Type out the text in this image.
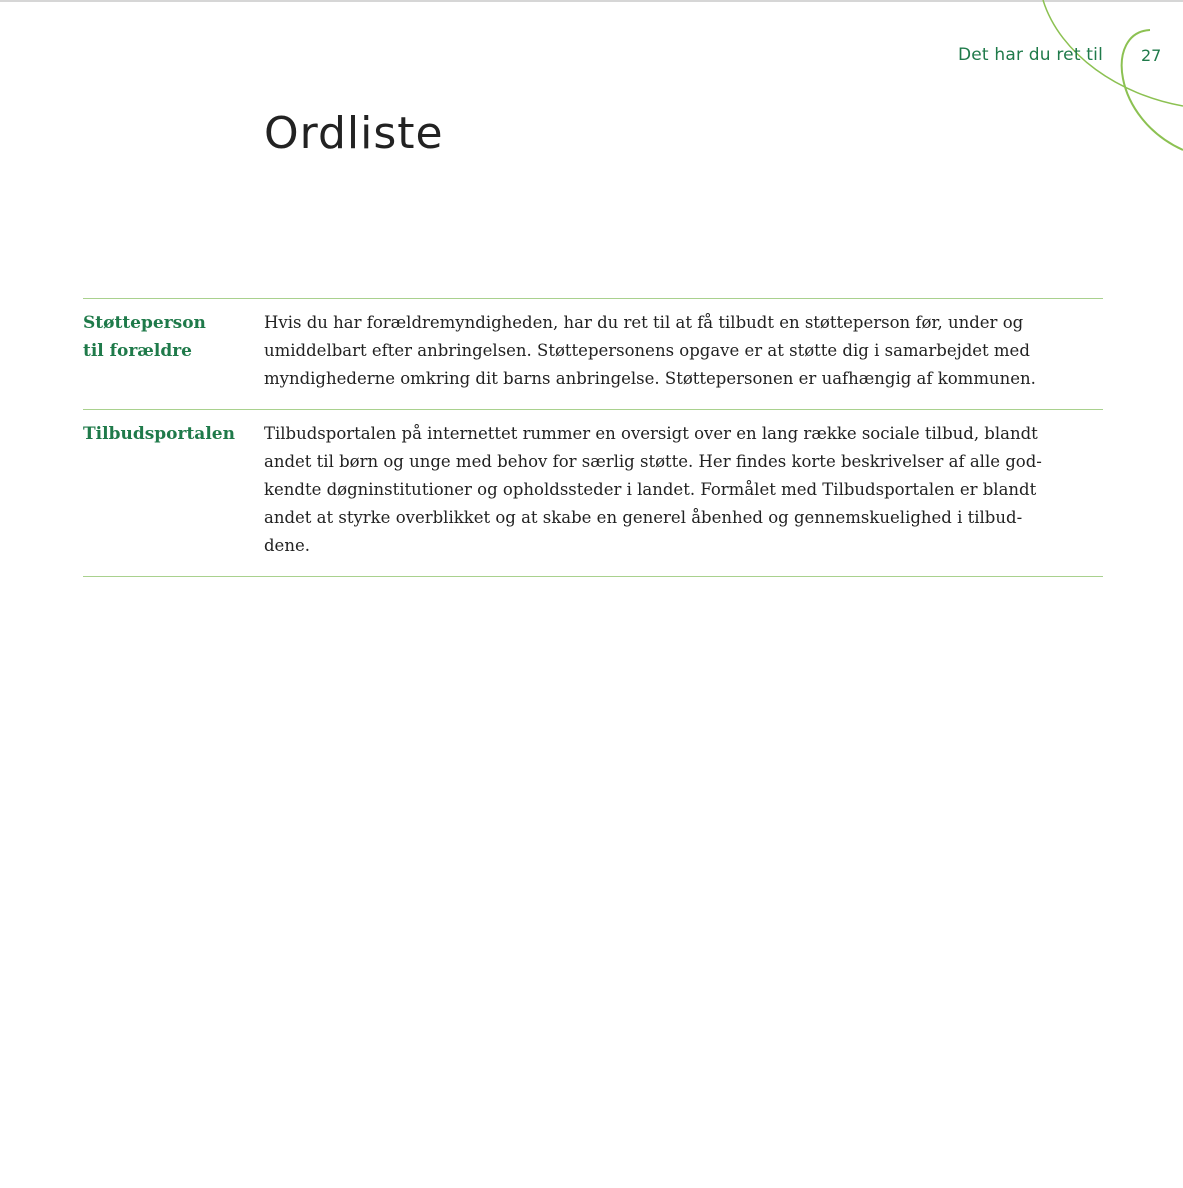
Det har du ret til 27
Ordliste
Støtteperson
til forældre
Hvis du har forældremyndigheden, har du ret til at få tilbudt en støtteperson før, under og
umiddelbart efter anbringelsen. Støttepersonens opgave er at støtte dig i samarbejdet med
myndighederne omkring dit barns anbringelse. Støttepersonen er uafhængig af kommunen.
Tilbudsportalen	Tilbudsportalen på internettet rummer en oversigt over en lang række sociale tilbud, blandt
andet til børn og unge med behov for særlig støtte. Her findes korte beskrivelser af alle god-
kendte døgninstitutioner og opholdssteder i landet. Formålet med Tilbudsportalen er blandt
andet at styrke overblikket og at skabe en generel åbenhed og gennemskuelighed i tilbud-
dene.
